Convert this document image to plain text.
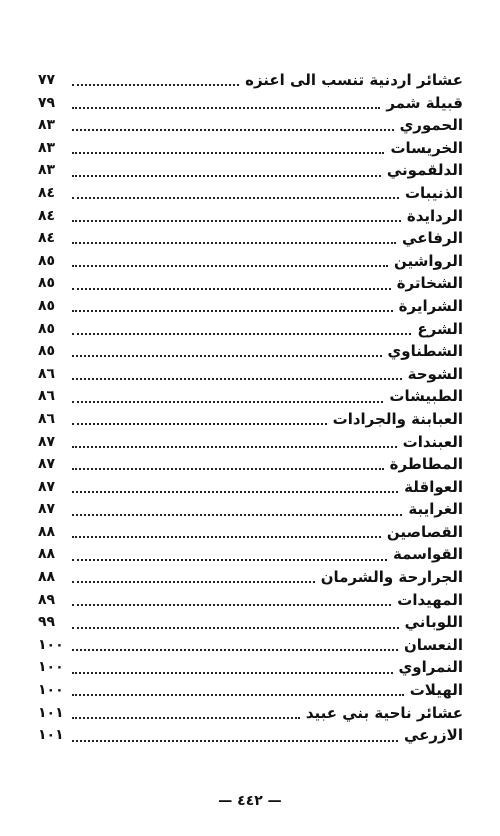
عشائر اردنية تنسب الى اعنزه
٧٧
قبيلة شمر
٧٩
الحموري
٨٣
الخريسات
٨٣
الدلقموني
٨٣
الذنيبات
٨٤
الردايدة
٨٤
الرفاعي
٨٤
الرواشين
٨٥
الشخاترة
٨٥
الشرايرة
٨٥
الشرع
٨٥
الشطناوي
٨٥
الشوحة
٨٦
الطبيشات
٨٦
العبابنة والجرادات
٨٦
العبندات
٨٧
المطاطرة
٨٧
العواقلة
٨٧
الغرايبة
٨٧
القصاصين
٨٨
القواسمة
٨٨
الجرارحة والشرمان
٨٨
المهيدات
٨٩
اللوباني
٩٩
النعسان
١٠٠
النمراوي
١٠٠
الهيلات
١٠٠
عشائر ناحية بني عبيد
١٠١
الازرعي
١٠١
— ٤٤٢ —
